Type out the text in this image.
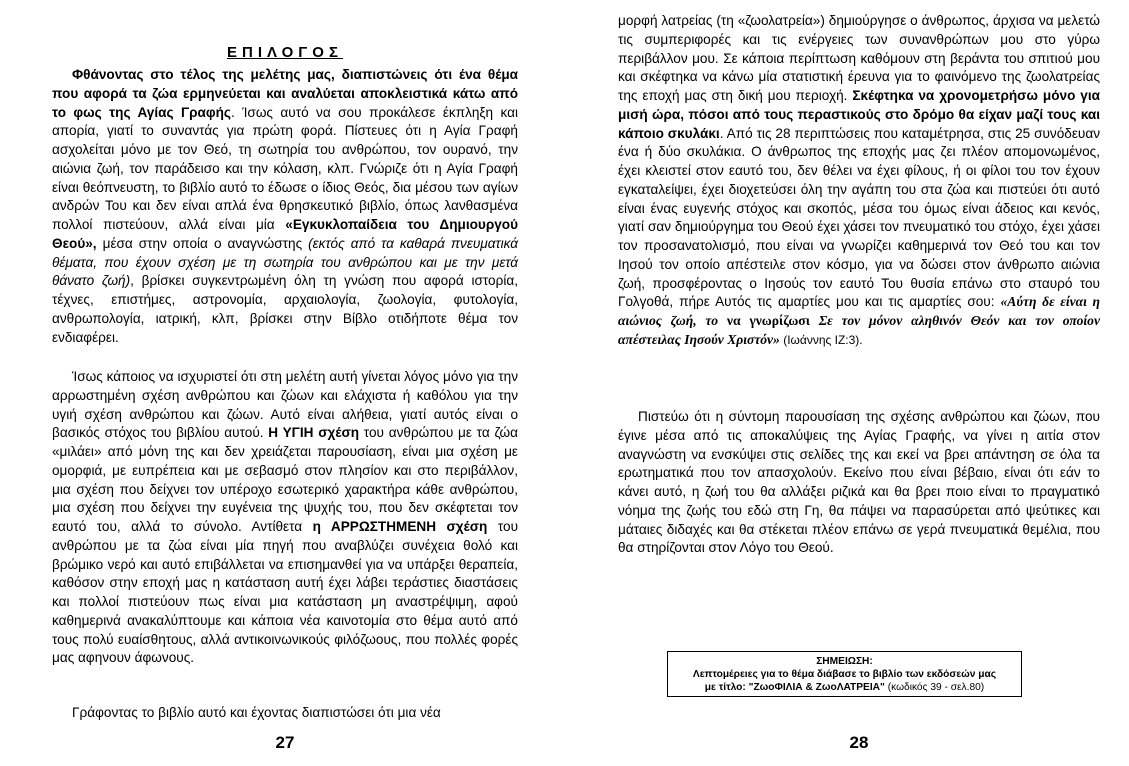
ΕΠΙΛΟΓΟΣ

Φθάνοντας στο τέλος της μελέτης μας, διαπιστώνεις ότι ένα θέμα που αφορά τα ζώα ερμηνεύεται και αναλύεται αποκλειστικά κάτω από το φως της Αγίας Γραφής. Ίσως αυτό να σου προκάλεσε έκπληξη και απορία, γιατί το συναντάς για πρώτη φορά. Πίστευες ότι η Αγία Γραφή ασχολείται μόνο με τον Θεό, τη σωτηρία του ανθρώπου, τον ουρανό, την αιώνια ζωή, τον παράδεισο και την κόλαση, κλπ. Γνώριζε ότι η Αγία Γραφή είναι θεόπνευστη, το βιβλίο αυτό το έδωσε ο ίδιος Θεός, δια μέσου των αγίων ανδρών Του και δεν είναι απλά ένα θρησκευτικό βιβλίο, όπως λανθασμένα πολλοί πιστεύουν, αλλά είναι μία «Εγκυκλοπαίδεια του Δημιουργού Θεού», μέσα στην οποία ο αναγνώστης (εκτός από τα καθαρά πνευματικά θέματα, που έχουν σχέση με τη σωτηρία του ανθρώπου και με την μετά θάνατο ζωή), βρίσκει συγκεντρωμένη όλη τη γνώση που αφορά ιστορία, τέχνες, επιστήμες, αστρονομία, αρχαιολογία, ζωολογία, φυτολογία, ανθρωπολογία, ιατρική, κλπ, βρίσκει στην Βίβλο οτιδήποτε θέμα τον ενδιαφέρει.

Ίσως κάποιος να ισχυριστεί ότι στη μελέτη αυτή γίνεται λόγος μόνο για την αρρωστημένη σχέση ανθρώπου και ζώων και ελάχιστα ή καθόλου για την υγιή σχέση ανθρώπου και ζώων. Αυτό είναι αλήθεια, γιατί αυτός είναι ο βασικός στόχος του βιβλίου αυτού. Η ΥΓΙΗ σχέση του ανθρώπου με τα ζώα «μιλάει» από μόνη της και δεν χρειάζεται παρουσίαση, είναι μια σχέση με ομορφιά, με ευπρέπεια και με σεβασμό στον πλησίον και στο περιβάλλον, μια σχέση που δείχνει τον υπέροχο εσωτερικό χαρακτήρα κάθε ανθρώπου, μια σχέση που δείχνει την ευγένεια της ψυχής του, που δεν σκέφτεται τον εαυτό του, αλλά το σύνολο. Αντίθετα η ΑΡΡΩΣΤΗΜΕΝΗ σχέση του ανθρώπου με τα ζώα είναι μία πηγή που αναβλύζει συνέχεια θολό και βρώμικο νερό και αυτό επιβάλλεται να επισημανθεί για να υπάρξει θεραπεία, καθόσον στην εποχή μας η κατάσταση αυτή έχει λάβει τεράστιες διαστάσεις και πολλοί πιστεύουν πως είναι μια κατάσταση μη αναστρέψιμη, αφού καθημερινά ανακαλύπτουμε και κάποια νέα καινοτομία στο θέμα αυτό από τους πολύ ευαίσθητους, αλλά αντικοινωνικούς φιλόζωους, που πολλές φορές μας αφηνουν άφωνους.

Γράφοντας το βιβλίο αυτό και έχοντας διαπιστώσει ότι μια νέα

27

μορφή λατρείας (τη «ζωολατρεία») δημιούργησε ο άνθρωπος, άρχισα να μελετώ τις συμπεριφορές και τις ενέργειες των συνανθρώπων μου στο γύρω περιβάλλον μου. Σε κάποια περίπτωση καθόμουν στη βεράντα του σπιτιού μου και σκέφτηκα να κάνω μία στατιστική έρευνα για το φαινόμενο της ζωολατρείας της εποχή μας στη δική μου περιοχή. Σκέφτηκα να χρονομετρήσω μόνο για μισή ώρα, πόσοι από τους περαστικούς στο δρόμο θα είχαν μαζί τους και κάποιο σκυλάκι. Από τις 28 περιπτώσεις που καταμέτρησα, στις 25 συνόδευαν ένα ή δύο σκυλάκια. Ο άνθρωπος της εποχής μας ζει πλέον απομονωμένος, έχει κλειστεί στον εαυτό του, δεν θέλει να έχει φίλους, ή οι φίλοι του τον έχουν εγκαταλείψει, έχει διοχετεύσει όλη την αγάπη του στα ζώα και πιστεύει ότι αυτό είναι ένας ευγενής στόχος και σκοπός, μέσα του όμως είναι άδειος και κενός, γιατί σαν δημιούργημα του Θεού έχει χάσει τον πνευματικό του στόχο, έχει χάσει τον προσανατολισμό, που είναι να γνωρίζει καθημερινά τον Θεό του και τον Ιησού τον οποίο απέστειλε στον κόσμο, για να δώσει στον άνθρωπο αιώνια ζωή, προσφέροντας ο Ιησούς τον εαυτό Του θυσία επάνω στο σταυρό του Γολγοθά, πήρε Αυτός τις αμαρτίες μου και τις αμαρτίες σου: «Αύτη δε είναι η αιώνιος ζωή, το να γνωρίζωσι Σε τον μόνον αληθινόν Θεόν και τον οποίον απέστειλας Ιησούν Χριστόν» (Ιωάννης ΙΖ:3).

Πιστεύω ότι η σύντομη παρουσίαση της σχέσης ανθρώπου και ζώων, που έγινε μέσα από τις αποκαλύψεις της Αγίας Γραφής, να γίνει η αιτία στον αναγνώστη να ενσκύψει στις σελίδες της και εκεί να βρει απάντηση σε όλα τα ερωτηματικά που τον απασχολούν. Εκείνο που είναι βέβαιο, είναι ότι εάν το κάνει αυτό, η ζωή του θα αλλάξει ριζικά και θα βρει ποιο είναι το πραγματικό νόημα της ζωής του εδώ στη Γη, θα πάψει να παρασύρεται από ψεύτικες και μάταιες διδαχές και θα στέκεται πλέον επάνω σε γερά πνευματικά θεμέλια, που θα στηρίζονται στον Λόγο του Θεού.

ΣΗΜΕΙΩΣΗ:
Λεπτομέρειες για το θέμα διάβασε το βιβλίο των εκδόσεών μας
με τίτλο: "ΖωοΦΙΛΙΑ & ΖωοΛΑΤΡΕΙΑ" (κωδικός 39 - σελ.80)
28
